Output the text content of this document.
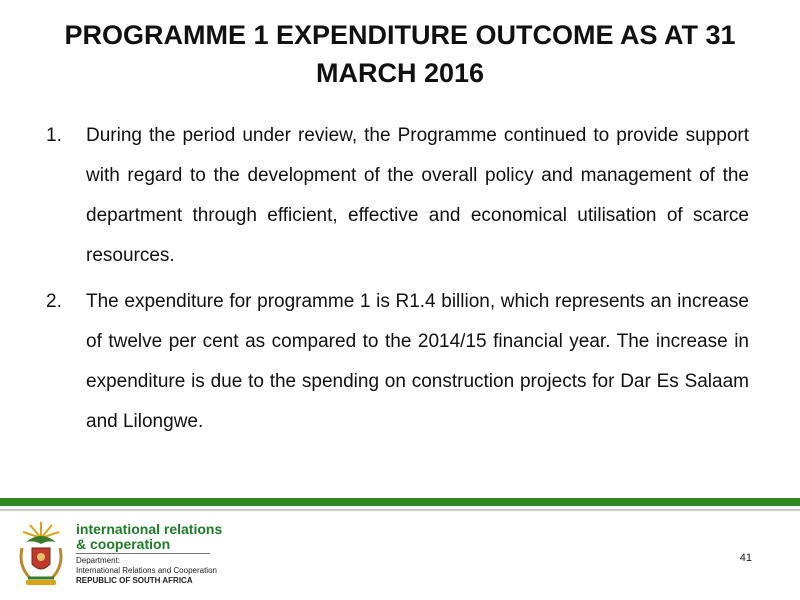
PROGRAMME 1 EXPENDITURE OUTCOME AS AT 31 MARCH 2016
1. During the period under review, the Programme continued to provide support with regard to the development of the overall policy and management of the department through efficient, effective and economical utilisation of scarce resources.
2. The expenditure for programme 1 is R1.4 billion, which represents an increase of twelve per cent as compared to the 2014/15 financial year. The increase in expenditure is due to the spending on construction projects for Dar Es Salaam and Lilongwe.
international relations
& cooperation
Department:
International Relations and Cooperation
REPUBLIC OF SOUTH AFRICA
41
